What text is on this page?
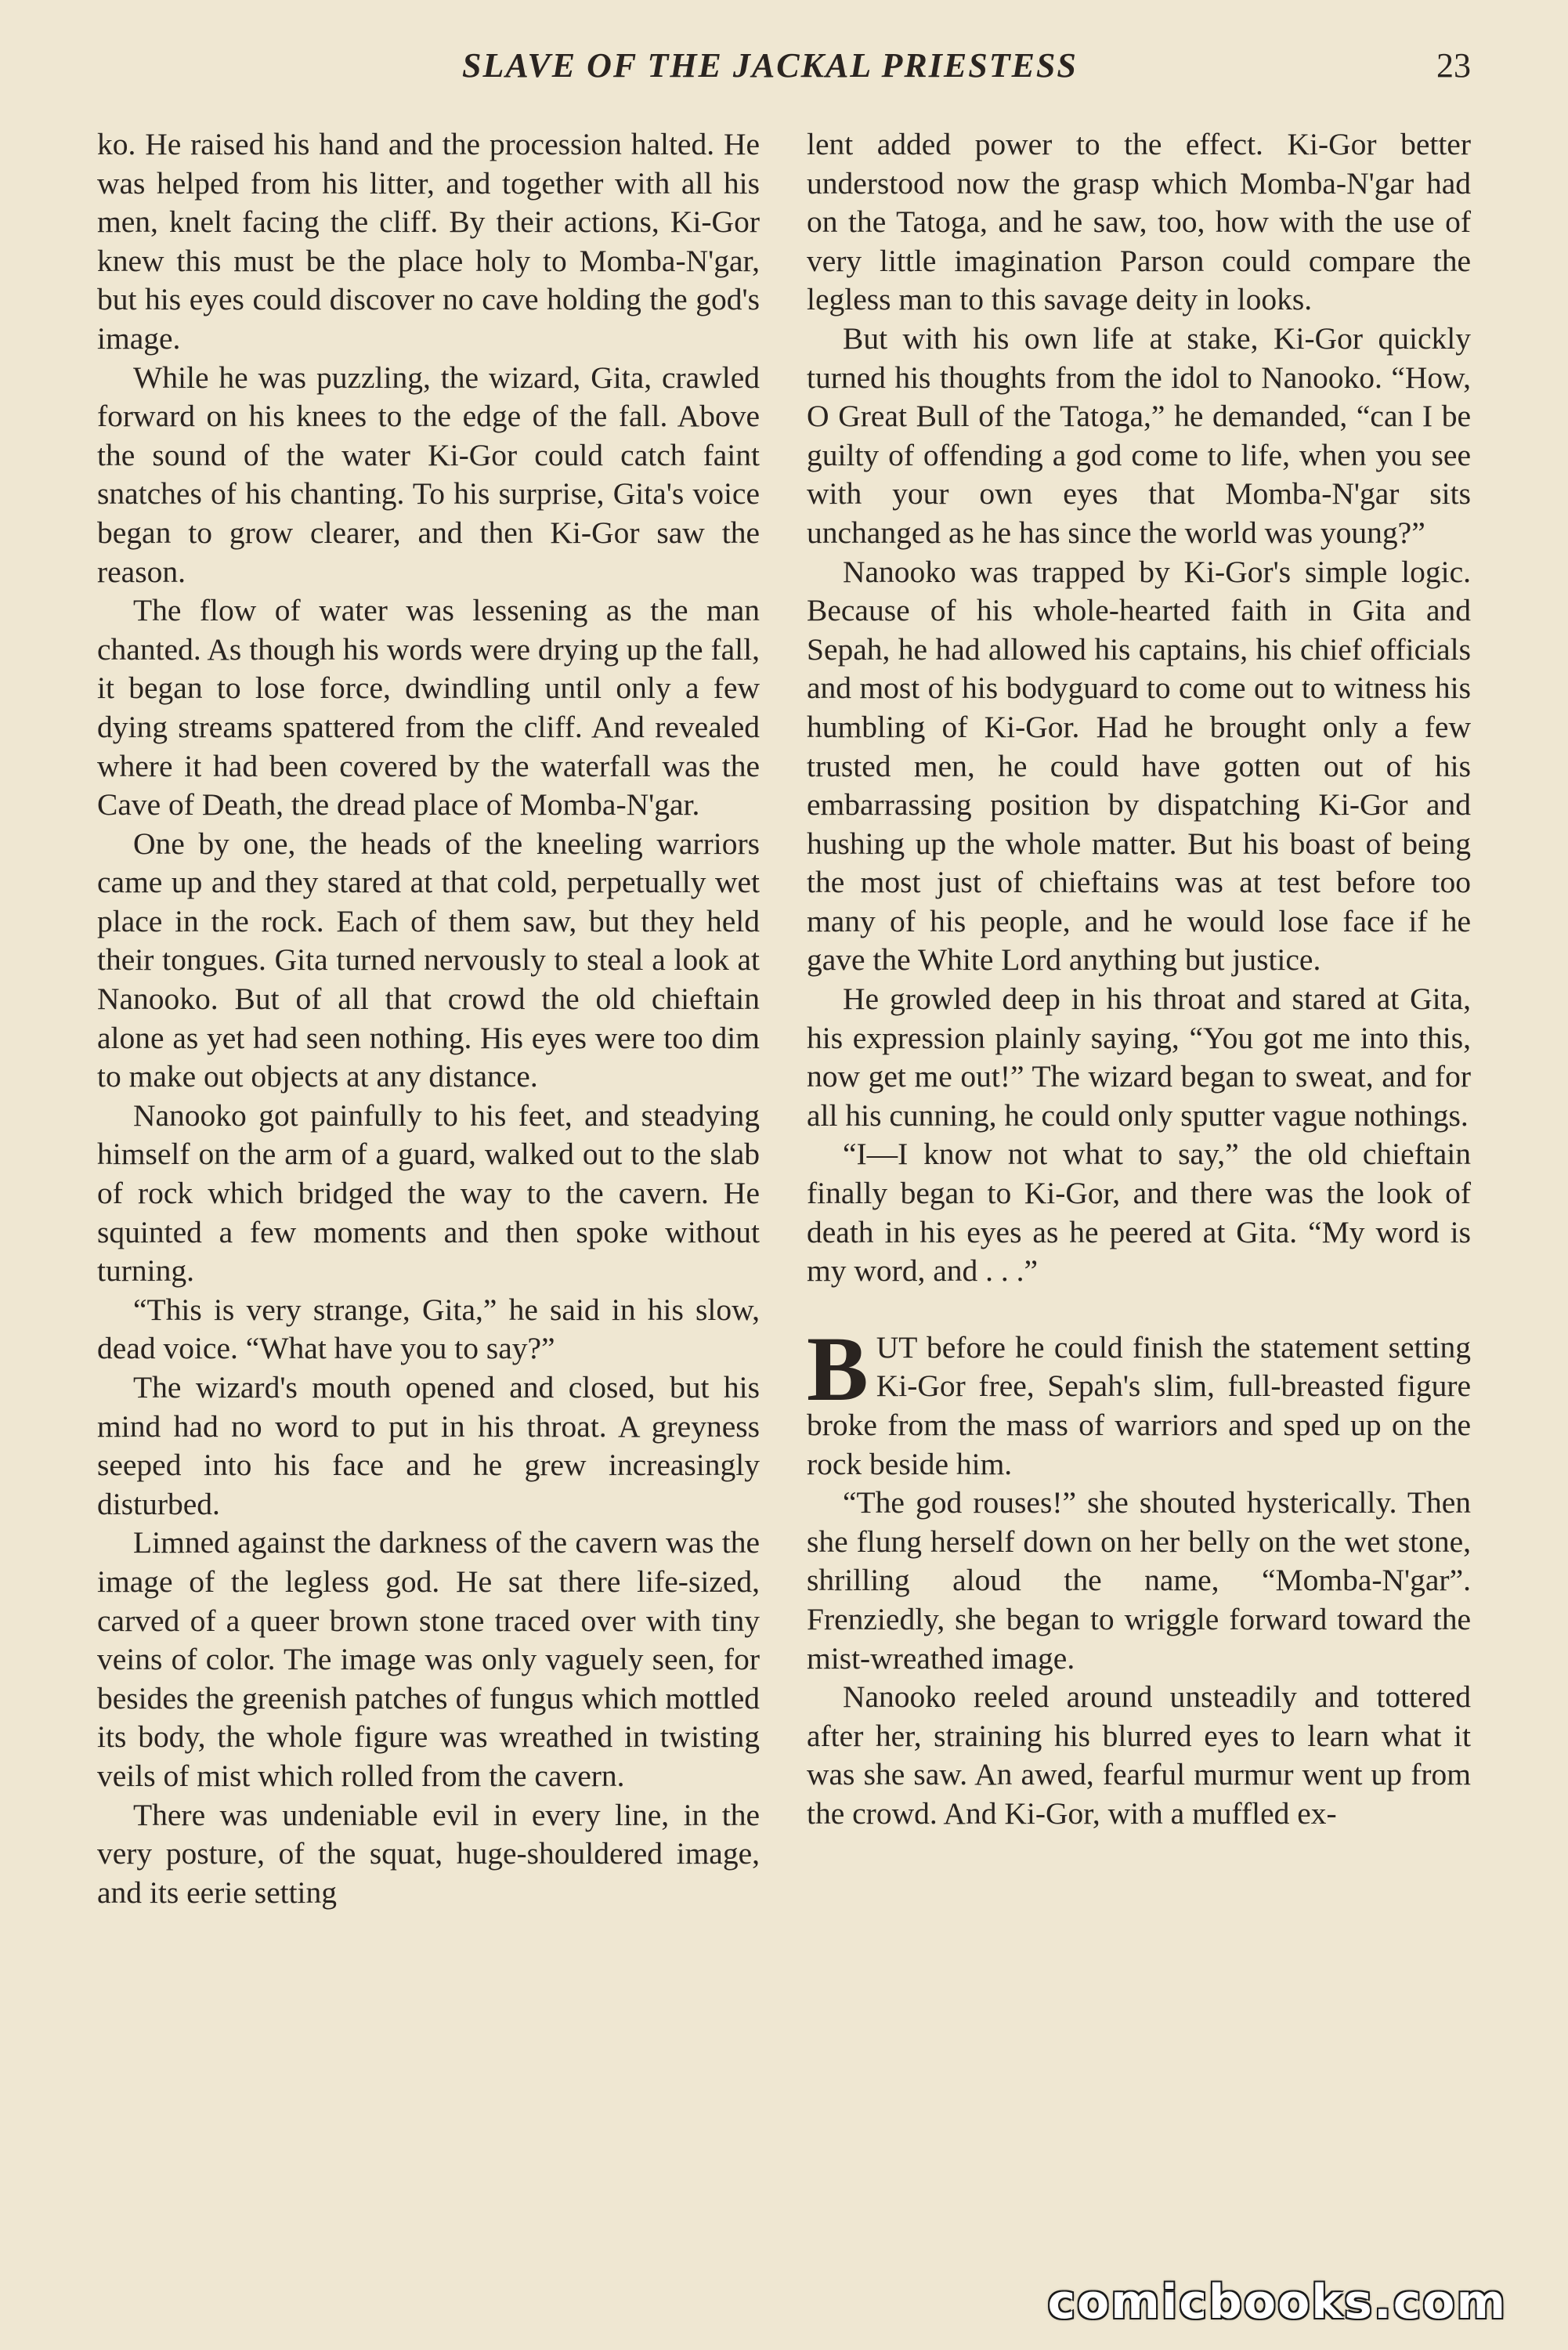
SLAVE OF THE JACKAL PRIESTESS	23

ko. He raised his hand and the procession halted. He was helped from his litter, and together with all his men, knelt facing the cliff. By their actions, Ki-Gor knew this must be the place holy to Momba-N'gar, but his eyes could discover no cave holding the god's image.

While he was puzzling, the wizard, Gita, crawled forward on his knees to the edge of the fall. Above the sound of the water Ki-Gor could catch faint snatches of his chanting. To his surprise, Gita's voice began to grow clearer, and then Ki-Gor saw the reason.

The flow of water was lessening as the man chanted. As though his words were drying up the fall, it began to lose force, dwindling until only a few dying streams spattered from the cliff. And revealed where it had been covered by the waterfall was the Cave of Death, the dread place of Momba-N'gar.

One by one, the heads of the kneeling warriors came up and they stared at that cold, perpetually wet place in the rock. Each of them saw, but they held their tongues. Gita turned nervously to steal a look at Nanooko. But of all that crowd the old chieftain alone as yet had seen nothing. His eyes were too dim to make out objects at any distance.

Nanooko got painfully to his feet, and steadying himself on the arm of a guard, walked out to the slab of rock which bridged the way to the cavern. He squinted a few moments and then spoke without turning.

“This is very strange, Gita,” he said in his slow, dead voice. “What have you to say?”

The wizard's mouth opened and closed, but his mind had no word to put in his throat. A greyness seeped into his face and he grew increasingly disturbed.

Limned against the darkness of the cavern was the image of the legless god. He sat there life-sized, carved of a queer brown stone traced over with tiny veins of color. The image was only vaguely seen, for besides the greenish patches of fungus which mottled its body, the whole figure was wreathed in twisting veils of mist which rolled from the cavern.

There was undeniable evil in every line, in the very posture, of the squat, huge-shouldered image, and its eerie setting

lent added power to the effect. Ki-Gor better understood now the grasp which Momba-N'gar had on the Tatoga, and he saw, too, how with the use of very little imagination Parson could compare the legless man to this savage deity in looks.

But with his own life at stake, Ki-Gor quickly turned his thoughts from the idol to Nanooko. “How, O Great Bull of the Tatoga,” he demanded, “can I be guilty of offending a god come to life, when you see with your own eyes that Momba-N'gar sits unchanged as he has since the world was young?”

Nanooko was trapped by Ki-Gor's simple logic. Because of his whole-hearted faith in Gita and Sepah, he had allowed his captains, his chief officials and most of his bodyguard to come out to witness his humbling of Ki-Gor. Had he brought only a few trusted men, he could have gotten out of his embarrassing position by dispatching Ki-Gor and hushing up the whole matter. But his boast of being the most just of chieftains was at test before too many of his people, and he would lose face if he gave the White Lord anything but justice.

He growled deep in his throat and stared at Gita, his expression plainly saying, “You got me into this, now get me out!” The wizard began to sweat, and for all his cunning, he could only sputter vague nothings.

“I—I know not what to say,” the old chieftain finally began to Ki-Gor, and there was the look of death in his eyes as he peered at Gita. “My word is my word, and . . .”

BUT before he could finish the statement setting Ki-Gor free, Sepah's slim, full-breasted figure broke from the mass of warriors and sped up on the rock beside him.

“The god rouses!” she shouted hysterically. Then she flung herself down on her belly on the wet stone, shrilling aloud the name, “Momba-N'gar”. Frenziedly, she began to wriggle forward toward the mist-wreathed image.

Nanooko reeled around unsteadily and tottered after her, straining his blurred eyes to learn what it was she saw. An awed, fearful murmur went up from the crowd. And Ki-Gor, with a muffled ex-

comicbooks.com
